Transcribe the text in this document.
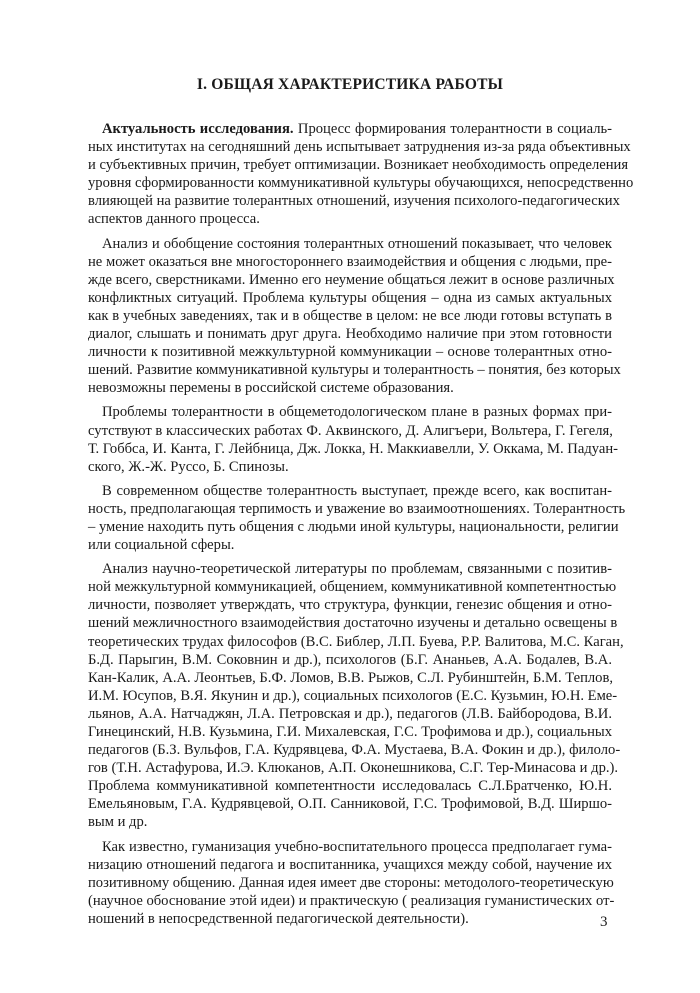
I. ОБЩАЯ ХАРАКТЕРИСТИКА РАБОТЫ

Актуальность исследования. Процесс формирования толерантности в социаль-
ных институтах на сегодняшний день испытывает затруднения из-за ряда объективных
и субъективных причин, требует оптимизации. Возникает необходимость определения
уровня сформированности коммуникативной культуры обучающихся, непосредственно
влияющей на развитие толерантных отношений, изучения психолого-педагогических
аспектов данного процесса.

Анализ и обобщение состояния толерантных отношений показывает, что человек
не может оказаться вне многостороннего взаимодействия и общения с людьми, пре-
жде всего, сверстниками. Именно его неумение общаться лежит в основе различных
конфликтных ситуаций. Проблема культуры общения – одна из самых актуальных
как в учебных заведениях, так и в обществе в целом: не все люди готовы вступать в
диалог, слышать и понимать друг друга. Необходимо наличие при этом готовности
личности к позитивной межкультурной коммуникации – основе толерантных отно-
шений. Развитие коммуникативной культуры и толерантность – понятия, без которых
невозможны перемены в российской системе образования.

Проблемы толерантности в общеметодологическом плане в разных формах при-
сутствуют в классических работах Ф. Аквинского, Д. Алигъери, Вольтера, Г. Гегеля,
Т. Гоббса, И. Канта, Г. Лейбница, Дж. Локка, Н. Маккиавелли, У. Оккама, М. Падуан-
ского, Ж.-Ж. Руссо, Б. Спинозы.

В современном обществе толерантность выступает, прежде всего, как воспитан-
ность, предполагающая терпимость и уважение во взаимоотношениях. Толерантность
– умение находить путь общения с людьми иной культуры, национальности, религии
или социальной сферы.

Анализ научно-теоретической литературы по проблемам, связанными с позитив-
ной межкультурной коммуникацией, общением, коммуникативной компетентностью
личности, позволяет утверждать, что структура, функции, генезис общения и отно-
шений межличностного взаимодействия достаточно изучены и детально освещены в
теоретических трудах философов (В.С. Библер, Л.П. Буева, Р.Р. Валитова, М.С. Каган,
Б.Д. Парыгин, В.М. Соковнин и др.), психологов (Б.Г. Ананьев, А.А. Бодалев, В.А.
Кан-Калик, А.А. Леонтьев, Б.Ф. Ломов, В.В. Рыжов, С.Л. Рубинштейн, Б.М. Теплов,
И.М. Юсупов, В.Я. Якунин и др.), социальных психологов (Е.С. Кузьмин, Ю.Н. Еме-
льянов, А.А. Натчаджян, Л.А. Петровская и др.), педагогов (Л.В. Байбородова, В.И.
Гинецинский, Н.В. Кузьмина, Г.И. Михалевская, Г.С. Трофимова и др.), социальных
педагогов (Б.З. Вульфов, Г.А. Кудрявцева, Ф.А. Мустаева, В.А. Фокин и др.), филоло-
гов (Т.Н. Астафурова, И.Э. Клюканов, А.П. Оконешникова, С.Г. Тер-Минасова и др.).
Проблема коммуникативной компетентности исследовалась С.Л.Братченко, Ю.Н.
Емельяновым, Г.А. Кудрявцевой, О.П. Санниковой, Г.С. Трофимовой, В.Д. Ширшо-
вым и др.

Как известно, гуманизация учебно-воспитательного процесса предполагает гума-
низацию отношений педагога и воспитанника, учащихся между собой, научение их
позитивному общению. Данная идея имеет две стороны: методолого-теоретическую
(научное обоснование этой идеи) и практическую ( реализация гуманистических от-
ношений в непосредственной педагогической деятельности).	3
